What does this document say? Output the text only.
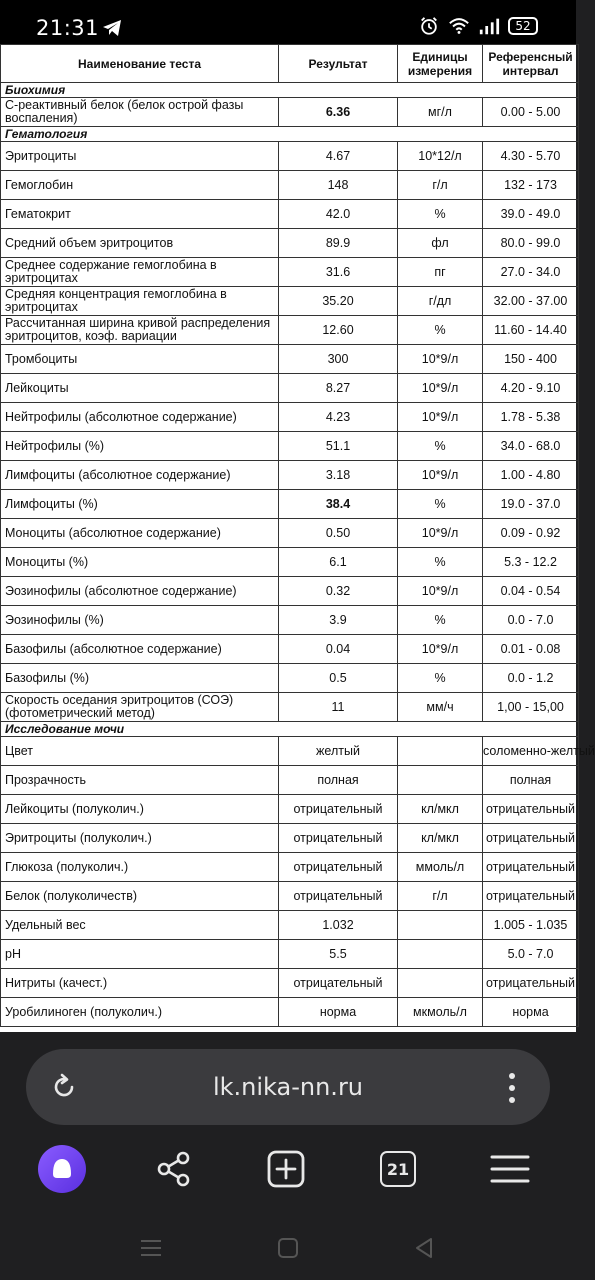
21:31	52
Наименование теста	Результат	Единицы измерения	Референсный интервал
Биохимия			
С-реактивный белок (белок острой фазы воспаления)	6.36	мг/л	0.00 - 5.00
Гематология			
Эритроциты	4.67	10*12/л	4.30 - 5.70
Гемоглобин	148	г/л	132 - 173
Гематокрит	42.0	%	39.0 - 49.0
Средний объем эритроцитов	89.9	фл	80.0 - 99.0
Среднее содержание гемоглобина в эритроцитах	31.6	пг	27.0 - 34.0
Средняя концентрация гемоглобина в эритроцитах	35.20	г/дл	32.00 - 37.00
Рассчитанная ширина кривой распределения эритроцитов, коэф. вариации	12.60	%	11.60 - 14.40
Тромбоциты	300	10*9/л	150 - 400
Лейкоциты	8.27	10*9/л	4.20 - 9.10
Нейтрофилы (абсолютное содержание)	4.23	10*9/л	1.78 - 5.38
Нейтрофилы (%)	51.1	%	34.0 - 68.0
Лимфоциты (абсолютное содержание)	3.18	10*9/л	1.00 - 4.80
Лимфоциты (%)	38.4	%	19.0 - 37.0
Моноциты (абсолютное содержание)	0.50	10*9/л	0.09 - 0.92
Моноциты (%)	6.1	%	5.3 - 12.2
Эозинофилы (абсолютное содержание)	0.32	10*9/л	0.04 - 0.54
Эозинофилы (%)	3.9	%	0.0 - 7.0
Базофилы (абсолютное содержание)	0.04	10*9/л	0.01 - 0.08
Базофилы (%)	0.5	%	0.0 - 1.2
Скорость оседания эритроцитов (СОЭ) (фотометрический метод)	11	мм/ч	1,00 - 15,00
Исследование мочи			
Цвет	желтый		соломенно-желтый
Прозрачность	полная		полная
Лейкоциты (полуколич.)	отрицательный	кл/мкл	отрицательный
Эритроциты (полуколич.)	отрицательный	кл/мкл	отрицательный
Глюкоза (полуколич.)	отрицательный	ммоль/л	отрицательный
Белок (полуколичеств)	отрицательный	г/л	отрицательный
Удельный вес	1.032		1.005 - 1.035
pH	5.5		5.0 - 7.0
Нитриты (качест.)	отрицательный		отрицательный
Уробилиноген (полуколич.)	норма	мкмоль/л	норма
lk.nika-nn.ru
21
